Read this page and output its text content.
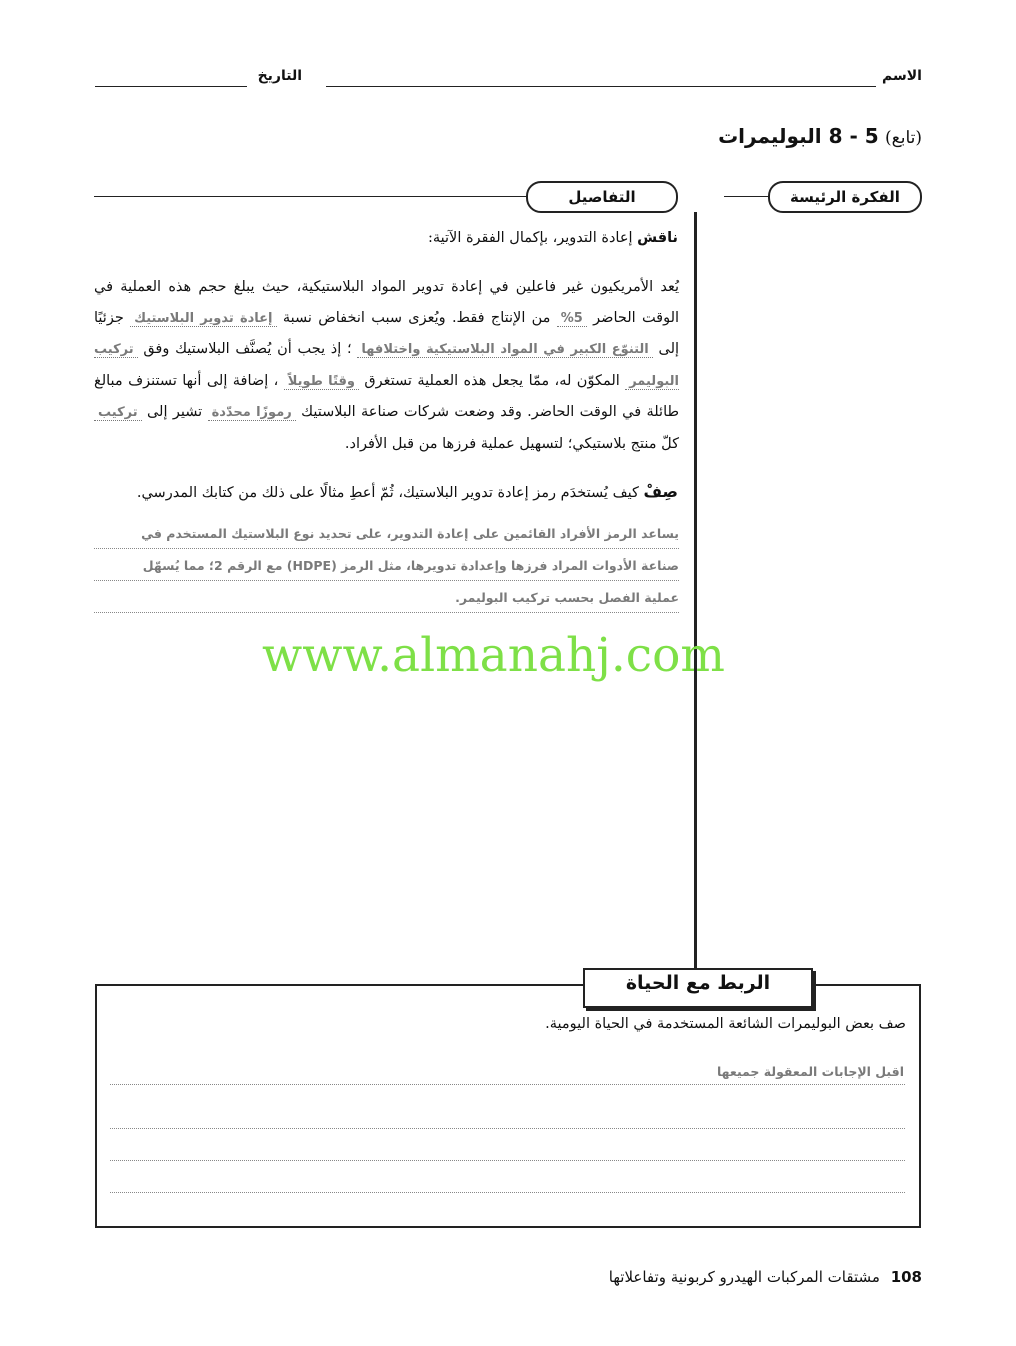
الاسم
التاريخ
(تابع) 5 - 8 البوليمرات
الفكرة الرئيسة
التفاصيل
ناقش إعادة التدوير، بإكمال الفقرة الآتية:
يُعد الأمريكيون غير فاعلين في إعادة تدوير المواد البلاستيكية، حيث يبلغ حجم هذه العملية في الوقت الحاضر 5% من الإنتاج فقط. ويُعزى سبب انخفاض نسبة إعادة تدوير البلاستيك جزئيًا إلى التنوّع الكبير في المواد البلاستيكية واختلافها ؛ إذ يجب أن يُصنَّف البلاستيك وفق تركيب البوليمر المكوّن له، ممّا يجعل هذه العملية تستغرق وقتًا طويلاً ، إضافة إلى أنها تستنزف مبالغ طائلة في الوقت الحاضر. وقد وضعت شركات صناعة البلاستيك رموزًا محدّدة تشير إلى تركيب كلّ منتج بلاستيكي؛ لتسهيل عملية فرزها من قبل الأفراد.
صِفْ كيف يُستخدَم رمز إعادة تدوير البلاستيك، ثُمّ أعطِ مثالًا على ذلك من كتابك المدرسي.
يساعد الرمز الأفراد القائمين على إعادة التدوير، على تحديد نوع البلاستيك المستخدم في
صناعة الأدوات المراد فرزها وإعدادة تدويرها، مثل الرمز (HDPE) مع الرقم 2؛ مما يُسهّل
عملية الفصل بحسب تركيب البوليمر.
www.almanahj.com
الربط مع الحياة
صف بعض البوليمرات الشائعة المستخدمة في الحياة اليومية.
اقبل الإجابات المعقولة جميعها
108 مشتقات المركبات الهيدرو كربونية وتفاعلاتها
